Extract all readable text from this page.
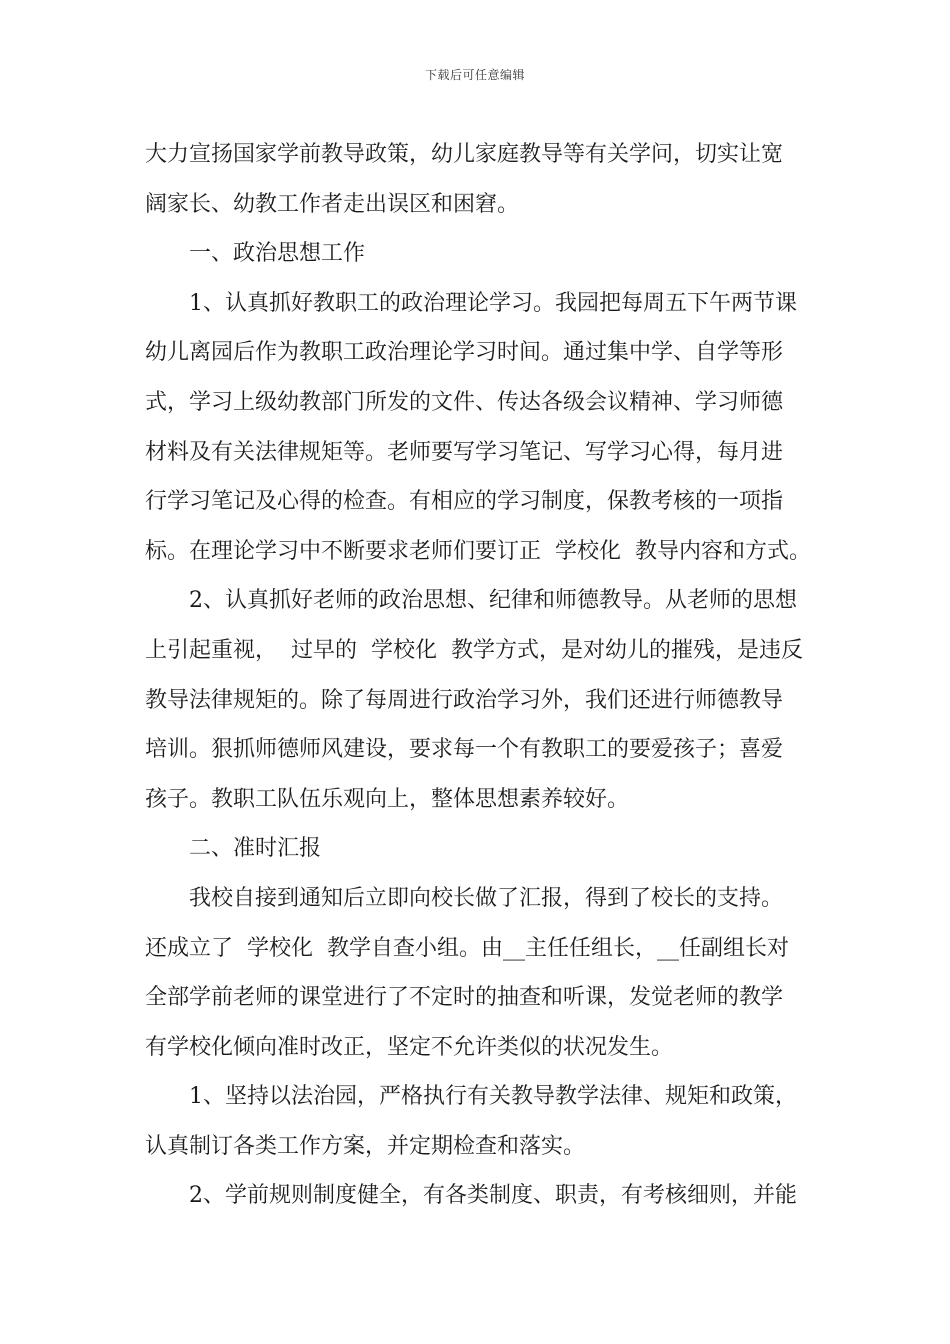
下载后可任意编辑
大力宣扬国家学前教导政策，幼儿家庭教导等有关学问，切实让宽
阔家长、幼教工作者走出误区和困窘。
一、政治思想工作
1、认真抓好教职工的政治理论学习。我园把每周五下午两节课
幼儿离园后作为教职工政治理论学习时间。通过集中学、自学等形
式，学习上级幼教部门所发的文件、传达各级会议精神、学习师德
材料及有关法律规矩等。老师要写学习笔记、写学习心得，每月进
行学习笔记及心得的检查。有相应的学习制度，保教考核的一项指
标。在理论学习中不断要求老师们要订正  学校化  教导内容和方式。
2、认真抓好老师的政治思想、纪律和师德教导。从老师的思想
上引起重视，  过早的  学校化  教学方式，是对幼儿的摧残，是违反
教导法律规矩的。除了每周进行政治学习外，我们还进行师德教导
培训。狠抓师德师风建设，要求每一个有教职工的要爱孩子；喜爱
孩子。教职工队伍乐观向上，整体思想素养较好。
二、准时汇报
我校自接到通知后立即向校长做了汇报，得到了校长的支持。
还成立了  学校化  教学自查小组。由__主任任组长，__任副组长对
全部学前老师的课堂进行了不定时的抽查和听课，发觉老师的教学
有学校化倾向准时改正，坚定不允许类似的状况发生。
1、坚持以法治园，严格执行有关教导教学法律、规矩和政策，
认真制订各类工作方案，并定期检查和落实。
2、学前规则制度健全，有各类制度、职责，有考核细则，并能
